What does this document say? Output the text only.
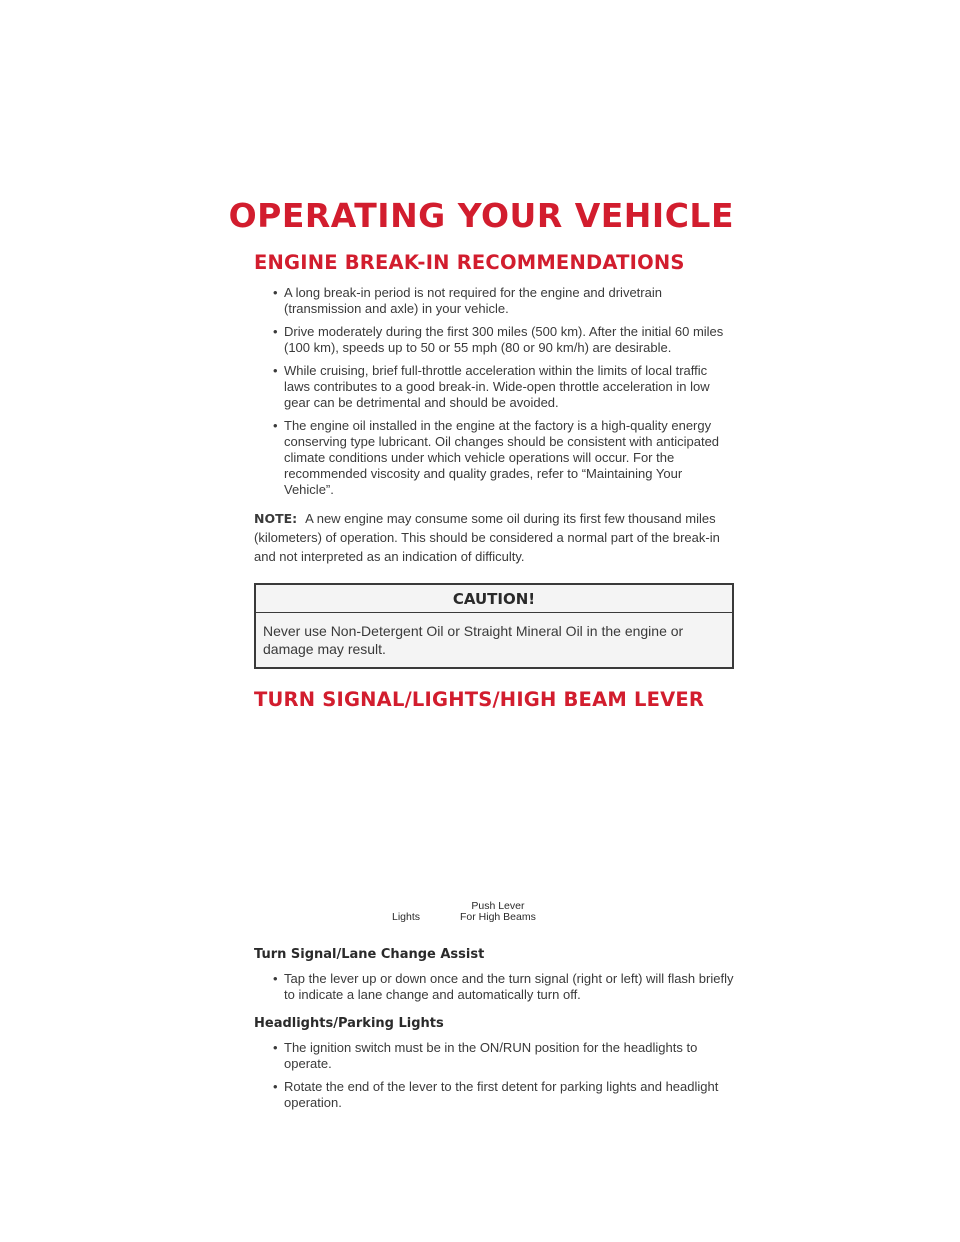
OPERATING YOUR VEHICLE
ENGINE BREAK-IN RECOMMENDATIONS
• A long break-in period is not required for the engine and drivetrain (transmission and axle) in your vehicle.
• Drive moderately during the first 300 miles (500 km). After the initial 60 miles (100 km), speeds up to 50 or 55 mph (80 or 90 km/h) are desirable.
• While cruising, brief full-throttle acceleration within the limits of local traffic laws contributes to a good break-in. Wide-open throttle acceleration in low gear can be detrimental and should be avoided.
• The engine oil installed in the engine at the factory is a high-quality energy conserving type lubricant. Oil changes should be consistent with anticipated climate conditions under which vehicle operations will occur. For the recommended viscosity and quality grades, refer to “Maintaining Your Vehicle”.

NOTE: A new engine may consume some oil during its first few thousand miles (kilometers) of operation. This should be considered a normal part of the break-in and not interpreted as an indication of difficulty.

CAUTION!
Never use Non-Detergent Oil or Straight Mineral Oil in the engine or damage may result.
TURN SIGNAL/LIGHTS/HIGH BEAM LEVER
Lights
Push Lever
For High Beams
Turn Signal/Lane Change Assist
• Tap the lever up or down once and the turn signal (right or left) will flash briefly to indicate a lane change and automatically turn off.
Headlights/Parking Lights
• The ignition switch must be in the ON/RUN position for the headlights to operate.
• Rotate the end of the lever to the first detent for parking lights and headlight operation.
